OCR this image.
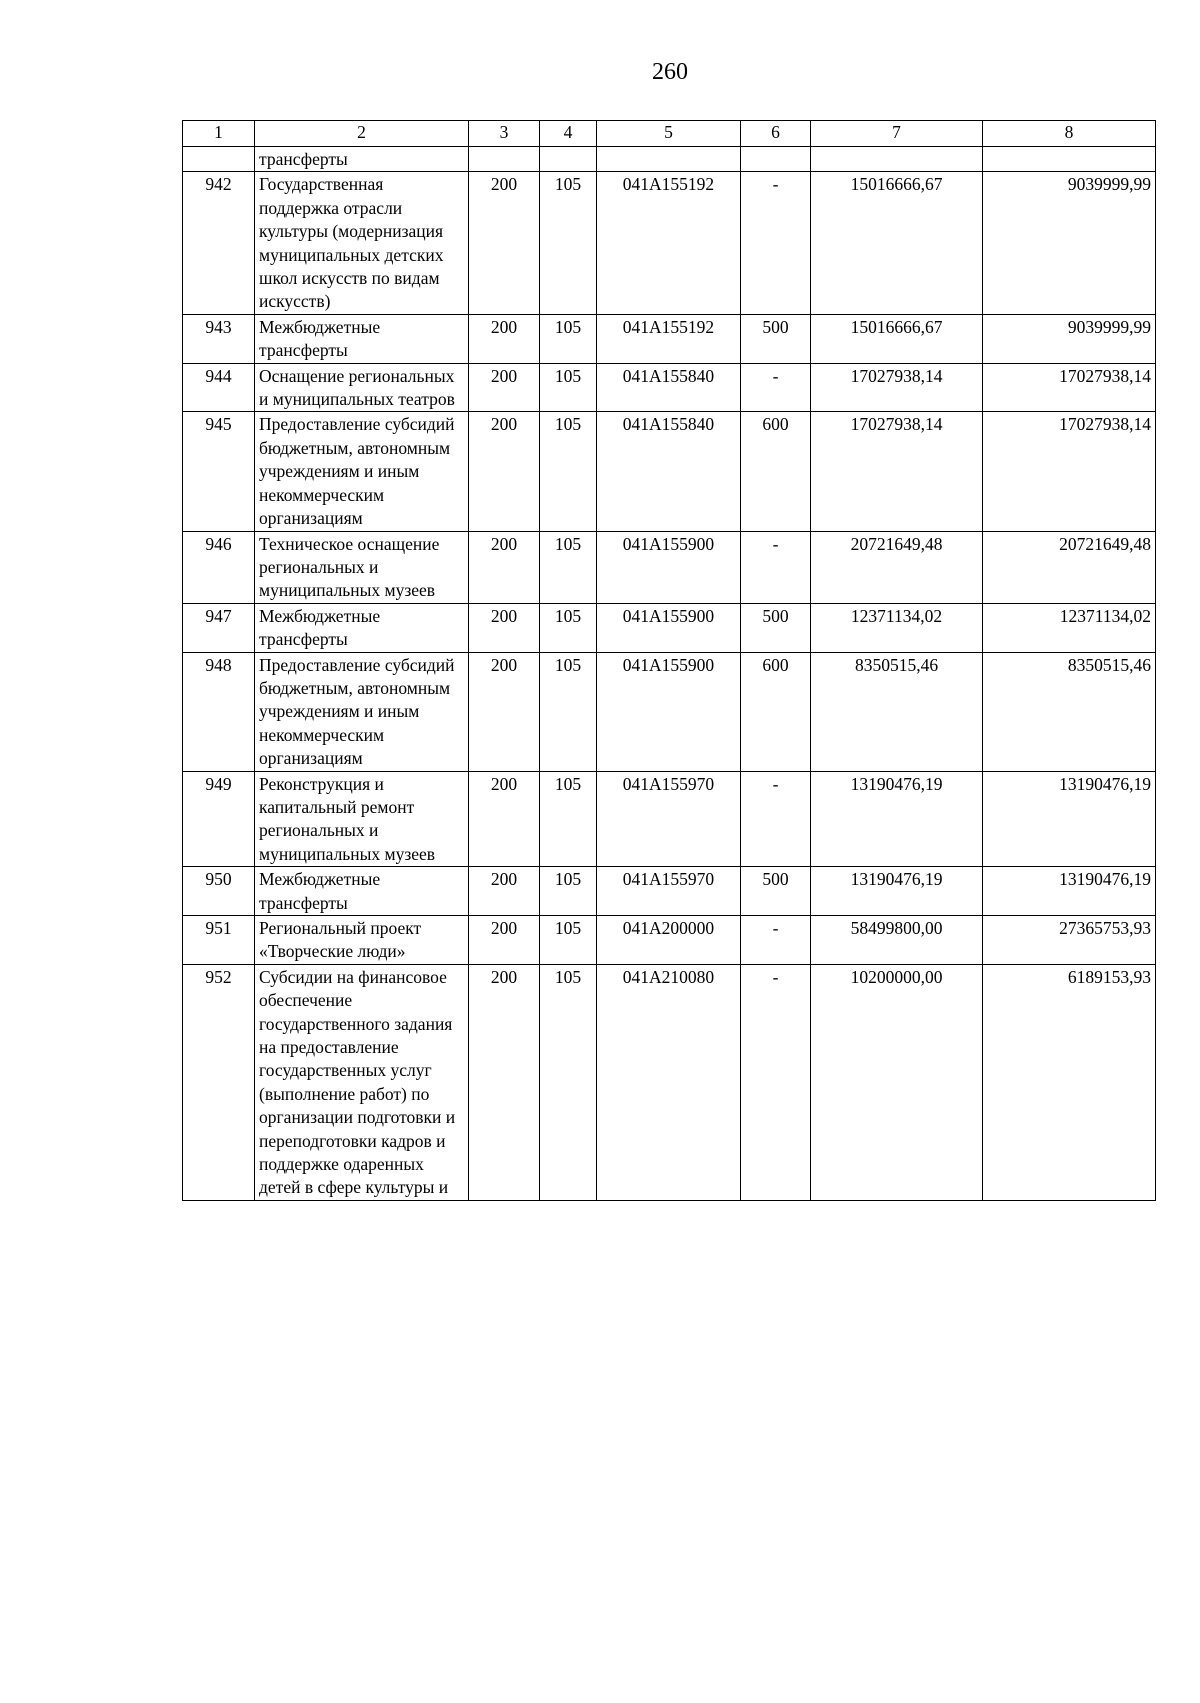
260
1	2	3	4	5	6	7	8
	трансферты						
942	Государственная поддержка отрасли культуры (модернизация муниципальных детских школ искусств по видам искусств)	200	105	041A155192	-	15016666,67	9039999,99
943	Межбюджетные трансферты	200	105	041A155192	500	15016666,67	9039999,99
944	Оснащение региональных и муниципальных театров	200	105	041A155840	-	17027938,14	17027938,14
945	Предоставление субсидий бюджетным, автономным учреждениям и иным некоммерческим организациям	200	105	041A155840	600	17027938,14	17027938,14
946	Техническое оснащение региональных и муниципальных музеев	200	105	041A155900	-	20721649,48	20721649,48
947	Межбюджетные трансферты	200	105	041A155900	500	12371134,02	12371134,02
948	Предоставление субсидий бюджетным, автономным учреждениям и иным некоммерческим организациям	200	105	041A155900	600	8350515,46	8350515,46
949	Реконструкция и капитальный ремонт региональных и муниципальных музеев	200	105	041A155970	-	13190476,19	13190476,19
950	Межбюджетные трансферты	200	105	041A155970	500	13190476,19	13190476,19
951	Региональный проект «Творческие люди»	200	105	041A200000	-	58499800,00	27365753,93
952	Субсидии на финансовое обеспечение государственного задания на предоставление государственных услуг (выполнение работ) по организации подготовки и переподготовки кадров и поддержке одаренных детей в сфере культуры и	200	105	041A210080	-	10200000,00	6189153,93
